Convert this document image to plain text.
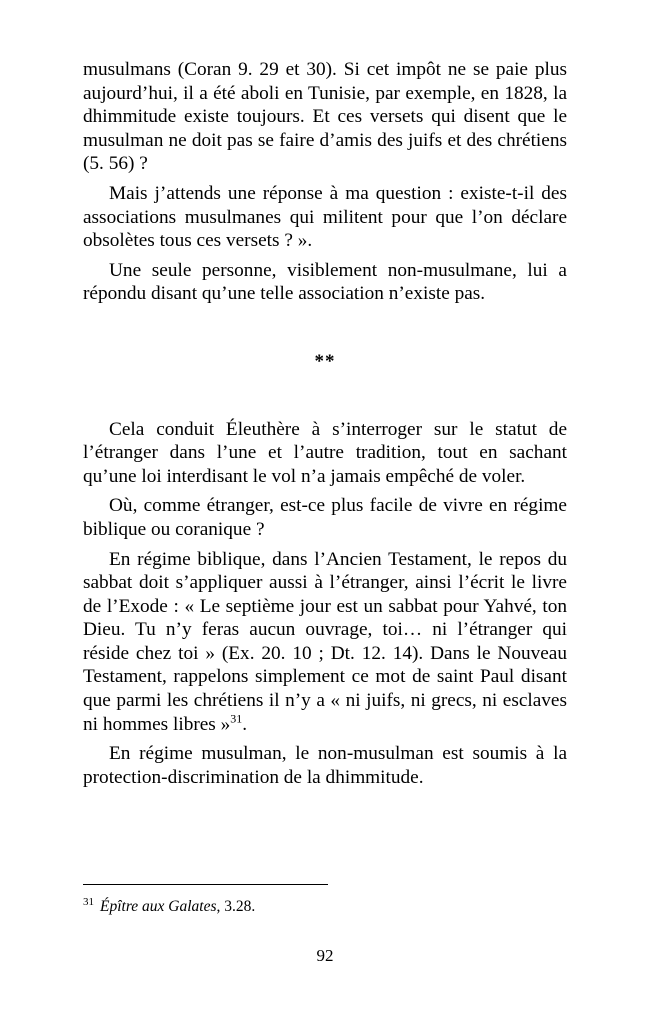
musulmans (Coran 9. 29 et 30). Si cet impôt ne se paie plus aujourd’hui, il a été aboli en Tunisie, par exemple, en 1828, la dhimmitude existe toujours. Et ces versets qui disent que le musulman ne doit pas se faire d’amis des juifs et des chrétiens (5. 56) ?

Mais j’attends une réponse à ma question : existe-t-il des associations musulmanes qui militent pour que l’on déclare obsolètes tous ces versets ? ».

Une seule personne, visiblement non-musulmane, lui a répondu disant qu’une telle association n’existe pas.

**

Cela conduit Éleuthère à s’interroger sur le statut de l’étranger dans l’une et l’autre tradition, tout en sachant qu’une loi interdisant le vol n’a jamais empêché de voler.

Où, comme étranger, est-ce plus facile de vivre en régime biblique ou coranique ?

En régime biblique, dans l’Ancien Testament, le repos du sabbat doit s’appliquer aussi à l’étranger, ainsi l’écrit le livre de l’Exode : « Le septième jour est un sabbat pour Yahvé, ton Dieu. Tu n’y feras aucun ouvrage, toi… ni l’étranger qui réside chez toi » (Ex. 20. 10 ; Dt. 12. 14). Dans le Nouveau Testament, rappelons simplement ce mot de saint Paul disant que parmi les chrétiens il n’y a « ni juifs, ni grecs, ni esclaves ni hommes libres »$^{31}$.

En régime musulman, le non-musulman est soumis à la protection-discrimination de la dhimmitude.

$^{31}$ Épître aux Galates, 3.28.
92
